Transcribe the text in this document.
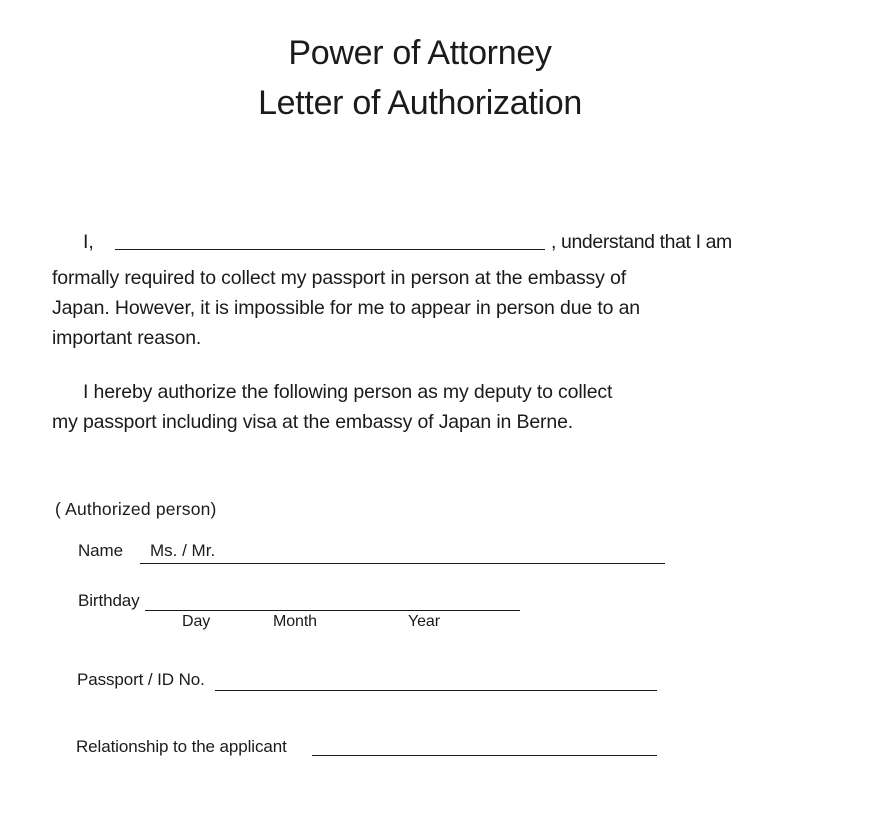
Power of Attorney
Letter of Authorization
I,	, understand that I am
formally required to collect my passport in person at the embassy of
Japan. However, it is impossible for me to appear in person due to an
important reason.
I hereby authorize the following person as my deputy to collect
my passport including visa at the embassy of Japan in Berne.
( Authorized person)
Name	Ms. / Mr.
Birthday
Day	Month	Year
Passport / ID No.
Relationship to the applicant
